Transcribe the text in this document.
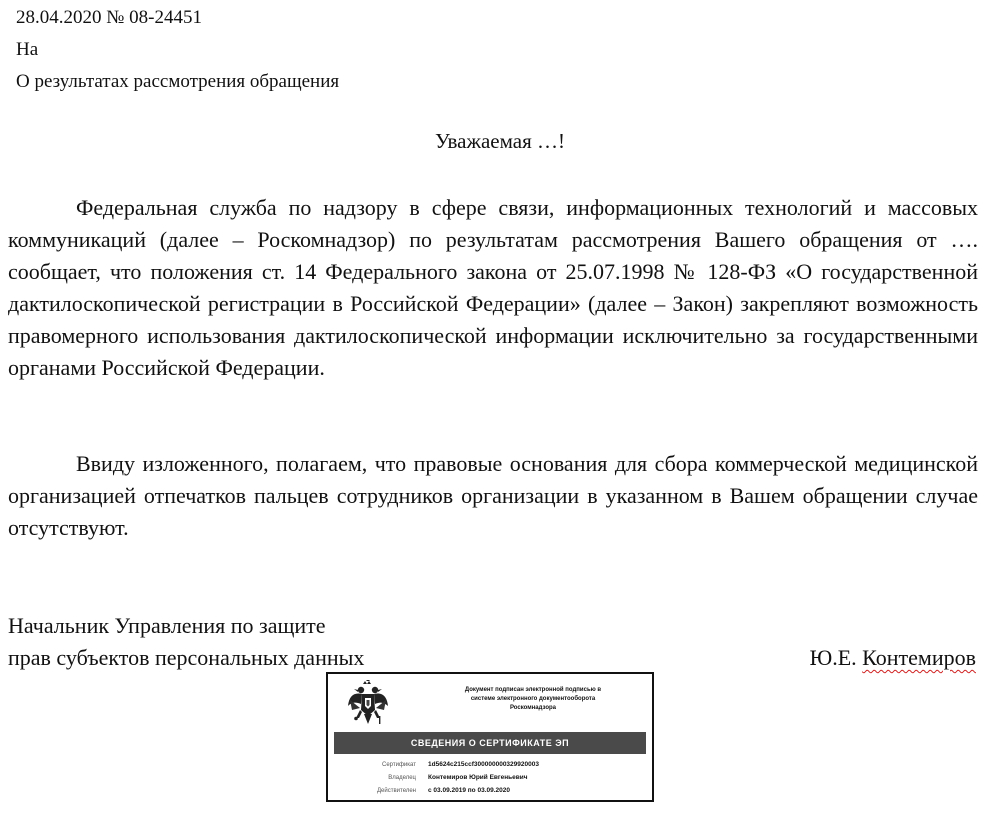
28.04.2020 № 08-24451
На
О результатах рассмотрения обращения
Уважаемая …!
Федеральная служба по надзору в сфере связи, информационных технологий и массовых коммуникаций (далее – Роскомнадзор) по результатам рассмотрения Вашего обращения от …. сообщает, что положения ст. 14 Федерального закона от 25.07.1998 № 128-ФЗ «О государственной дактилоскопической регистрации в Российской Федерации» (далее – Закон) закрепляют возможность правомерного использования дактилоскопической информации исключительно за государственными органами Российской Федерации.
Ввиду изложенного, полагаем, что правовые основания для сбора коммерческой медицинской организацией отпечатков пальцев сотрудников организации в указанном в Вашем обращении случае отсутствуют.
Начальник Управления по защите
прав субъектов персональных данных	Ю.Е. Контемиров
Документ подписан электронной подписью в
системе электронного документооборота
Роскомнадзора
СВЕДЕНИЯ О СЕРТИФИКАТЕ ЭП
Сертификат	1d5624c215ccf300000000329920003
Владелец	Контемиров Юрий Евгеньевич
Действителен	с 03.09.2019 по 03.09.2020
